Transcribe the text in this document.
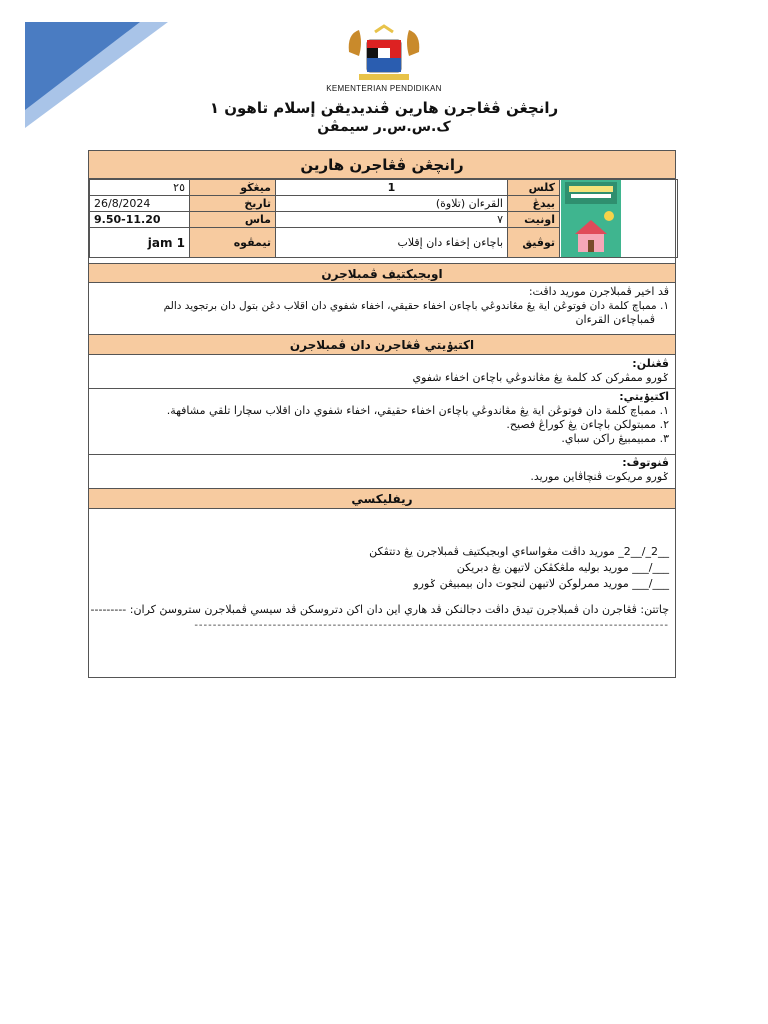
KEMENTERIAN PENDIDIKAN
رانچڠن ڤڠاجرن هارين ڤنديديقن إسلام تاهون ١
ک.س.س.ر سيمڤن
رانچڠن ڤڠاجرن هارين
٢٥	ميڠڬو	1	كلس	

26/8/2024	تاريخ	القرءان (تلاوة)	بيدڠ	
9.50-11.20	ماس	٧	اونيت	
1 jam	تيمڤوه	باچاءن إخفاء دان إقلاب	توڤيق	
اوبجيكتيف ڤمبلاجرن
ڤد اخير ڤمبلاجرن موريد داڤت:
١. ممباچ كلمة دان فوتوڠن اية يڠ مڠاندوڠي باچاءن اخفاء حقيقي، اخفاء شفوي دان اقلاب دڠن بتول دان برتجويد دالم
ڤمباچاءن القرءان
اكتيۏيتي ڤڠاجرن دان ڤمبلاجرن
ڤڠنلن:
ݢورو ممڤركن كد كلمة يڠ مڠاندوڠي باچاءن اخفاء شفوي
اكتيۏيتي:
١. ممباچ كلمة دان فوتوڠن اية يڠ مڠاندوڠي باچاءن اخفاء حقيقي، اخفاء شفوي دان اقلاب سچارا تلقي مشافهة.
٢. ممبتولكن باچاءن يڠ كوراڠ فصيح.
٣. ممبيمبيڠ راكن سباي.
ڤنوتوڤ:
ݢورو مريكوت ڤنچاڤاين موريد.
ريفليكسي
__2_/__2_ موريد داڤت مڠواساءي اوبجيكتيف ڤمبلاجرن يڠ دتتڤكن
___/___ موريد بوليه ملڠكڤكن لاتيهن يڠ دبريكن
___/___ موريد ممرلوكن لاتيهن لنجوت دان بيمبيڠن ݢورو
چاتتن: ڤڠاجرن دان ڤمبلاجرن تيدق داڤت دجالنكن ڤد هاري اين دان اكن دتروسكن ڤد سيسي ڤمبلاجرن ستروسڽ كران: ---------
-------------------------------------------------------------------------------------------------------
